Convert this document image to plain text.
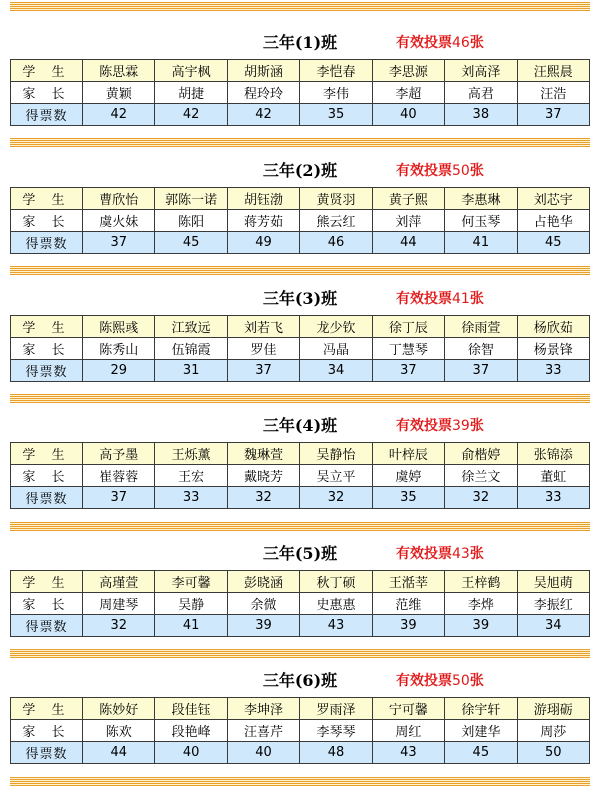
三年(1)班	有效投票46张
学 生	陈思霖	高宇枫	胡斯涵	李恺春	李思源	刘高泽	汪熙晨
家 长	黄颖	胡捷	程玲玲	李伟	李超	高君	汪浩
得票数	42	42	42	35	40	38	37
三年(2)班	有效投票50张
学 生	曹欣怡	郭陈一诺	胡钰渤	黄贤羽	黄子熙	李惠琳	刘芯宇
家 长	虞火妹	陈阳	蒋芳茹	熊云红	刘萍	何玉琴	占艳华
得票数	37	45	49	46	44	41	45
三年(3)班	有效投票41张
学 生	陈熙彧	江致远	刘若飞	龙少钦	徐丁辰	徐雨萱	杨欣茹
家 长	陈秀山	伍锦霞	罗佳	冯晶	丁慧琴	徐智	杨景锋
得票数	29	31	37	34	37	37	33
三年(4)班	有效投票39张
学 生	高予墨	王烁薰	魏琳萱	吴静怡	叶梓辰	俞楷婷	张锦添
家 长	崔蓉蓉	王宏	戴晓芳	吴立平	虞婷	徐兰文	董虹
得票数	37	33	32	32	35	32	33
三年(5)班	有效投票43张
学 生	高瑾萱	李可馨	彭晓涵	秋丁硕	王湉莘	王梓鹤	吴旭萌
家 长	周建琴	吴静	余微	史惠惠	范维	李烨	李振红
得票数	32	41	39	43	39	39	34
三年(6)班	有效投票50张
学 生	陈妙好	段佳钰	李坤泽	罗雨泽	宁可馨	徐宇轩	游珝砺
家 长	陈欢	段艳峰	汪喜芹	李琴琴	周红	刘建华	周莎
得票数	44	40	40	48	43	45	50
